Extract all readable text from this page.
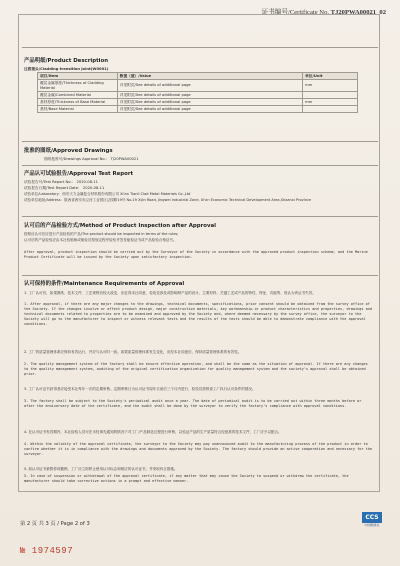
证书编号/Certificate No. TJ20PWA00021_02
产品明细/Product Description
过渡接头/Cladding transition joint(W0001)
项目/Item	数值（值）/Value	单位/Unit
覆层金属厚度/Thickness of Cladding Material	详见附页/See details of additional page	mm
覆层金属/Combined Material	详见附页/See details of additional page	
基材厚度/Thickness of Base Material	详见附页/See details of additional page	mm
基材/Base Material	详见附页/See details of additional page	
批准的图纸/Approved Drawings
图纸批准号/Drawings Approval No.： TJ20PWA00021
产品认可试验报告/Approval Test Report
试验报告号/Test Report No.： 2020-08-11
试验报告日期/Test Report Date： 2020-08-11
试验单位/Laboratory：西安天力金属复合材料股份有限公司 Xi'an Tianli Clad Metal Materials Co.,Ltd
试验单位地址/Address：陕西省西安市泾河工业园区泾园路19号 No.19 Xijin Road, Jingwei Industrial Zone, Xi'an Economic Technical Development Area,Shaanxi Province
认可后的产品检验方式/Method of Product Inspection after Approval
按相应认可后应进行产品检验的产品/The product should be inspected in terms of the rules;
认可后的产品检验应由本社验船师或船检员按规定程序检验并签发船检证书或产品检验合格证书。
After approval, product inspection should be carried out by the Surveyor of the Society in accordance with the approved product inspection scheme, and the Marine Product Certificate will be issued by the Society upon satisfactory inspection.
认可保持的条件/Maintenance Requirements of Approval
1. 工厂认可后，如果图纸、技术文件、工艺规程有较大改变，应征得本社同意，若改变涉及或影响制产品的设计，主要材料、关键工艺或产品的特性、特征、功能等，则认为该证书失效。
1. After approval, if there are any major changes to the drawings, technical documents, specifications, prior consent should be obtained from the survey office of the Society. If the changes involve or affect product design, major construction materials, key workmanship or product characteristics and properties, drawings and technical documents related to properties are to be examined and approved by the Society and, where deemed necessary by the survey office, the surveyor to the Society will go to the manufacturer to inspect or witness relevant tests and the results of the tests should be able to demonstrate compliance with the approval conditions.
2. 工厂的质量管理体系应保持有效运行，并应与认可时一致。如果质量管理体系发生变化，应经本社同意后，保持质量管理体系的有效性。
2. The quality management system of the factory shall be ensure effective operation, and shall be the same as the situation of approval. If there are any changes to the quality management system, auditing of the original certification organization for quality management system and the society's approval shall be obtained prior.
3. 工厂认可证书获得者应接受本社每年一次的定期审核。定期审核日为认可证书周年日前后三个月内进行，检验员需核查工厂执行认可条件的情况。
3. The factory shall be subject to the Society's periodical audit once a year. The date of periodical audit is to be carried out within three months before or after the anniversary date of the certificate, and the audit shall be done by the surveyor to verify the factory's compliance with approval conditions.
4. 在认可证书有效期内，本社检验人员可在未经事先通知的情况下对工厂/产品制造过程进行审核，以验证产品的生产质量符合经批准的技术文件，工厂应予以配合。
4. Within the validity of the approval certificate, the surveyor to the Society may pay unannounced audit to the manufacturing process of the product in order to confirm whether it is in compliance with the drawings and documents approved by the Society. The factory should provide an active cooperation and necessary for the surveyor.
5. 如认可证书被暂停或撤销，工厂应立即停止使用认可标志和相应的认可证书，并采取纠正措施。
5. In case of suspension or withdrawal of the approval certificate, if any matter that may cause the Society to suspend or withdraw the certificate, the manufacturer should take corrective actions in a prompt and effective manner.
第 2 页 共 3 页 / Page 2 of 3
№ 1974597
CCS
中国船级社
